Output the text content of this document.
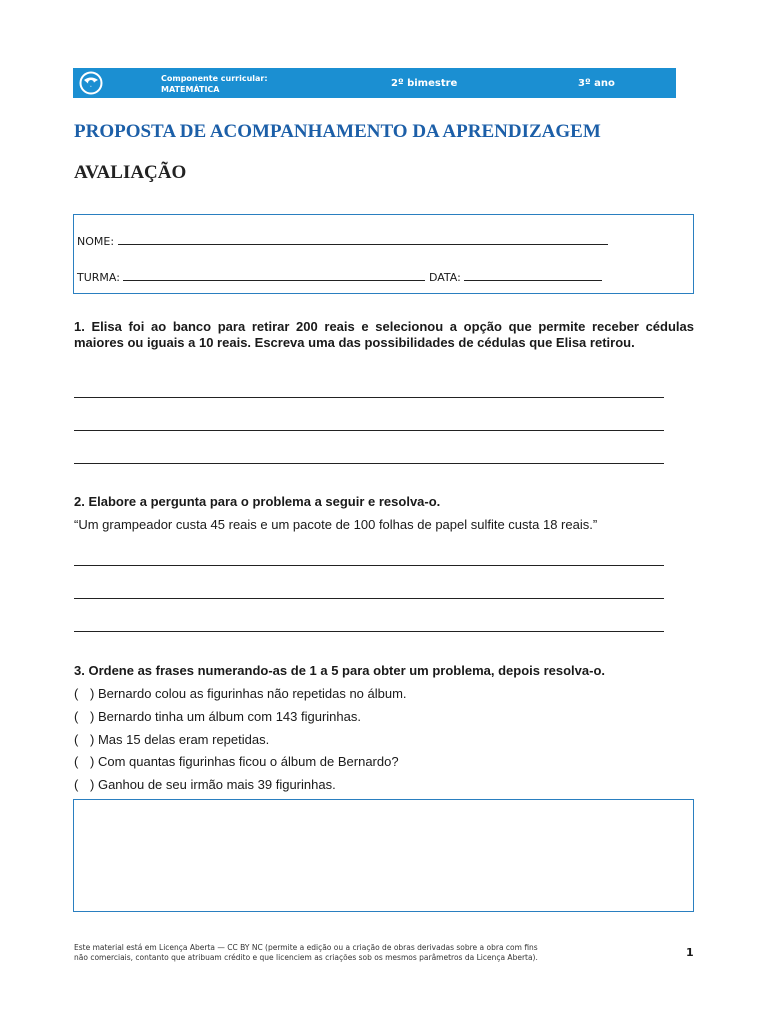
Componente curricular:
MATEMÁTICA
2º bimestre	3º ano
PROPOSTA DE ACOMPANHAMENTO DA APRENDIZAGEM
AVALIAÇÃO
NOME:
TURMA:	DATA:
1. Elisa foi ao banco para retirar 200 reais e selecionou a opção que permite receber cédulas maiores ou iguais a 10 reais. Escreva uma das possibilidades de cédulas que Elisa retirou.
2. Elabore a pergunta para o problema a seguir e resolva-o.
“Um grampeador custa 45 reais e um pacote de 100 folhas de papel sulfite custa 18 reais.”
3. Ordene as frases numerando-as de 1 a 5 para obter um problema, depois resolva-o.
( ) Bernardo colou as figurinhas não repetidas no álbum.
( ) Bernardo tinha um álbum com 143 figurinhas.
( ) Mas 15 delas eram repetidas.
( ) Com quantas figurinhas ficou o álbum de Bernardo?
( ) Ganhou de seu irmão mais 39 figurinhas.
Este material está em Licença Aberta — CC BY NC (permite a edição ou a criação de obras derivadas sobre a obra com fins
não comerciais, contanto que atribuam crédito e que licenciem as criações sob os mesmos parâmetros da Licença Aberta).	1
